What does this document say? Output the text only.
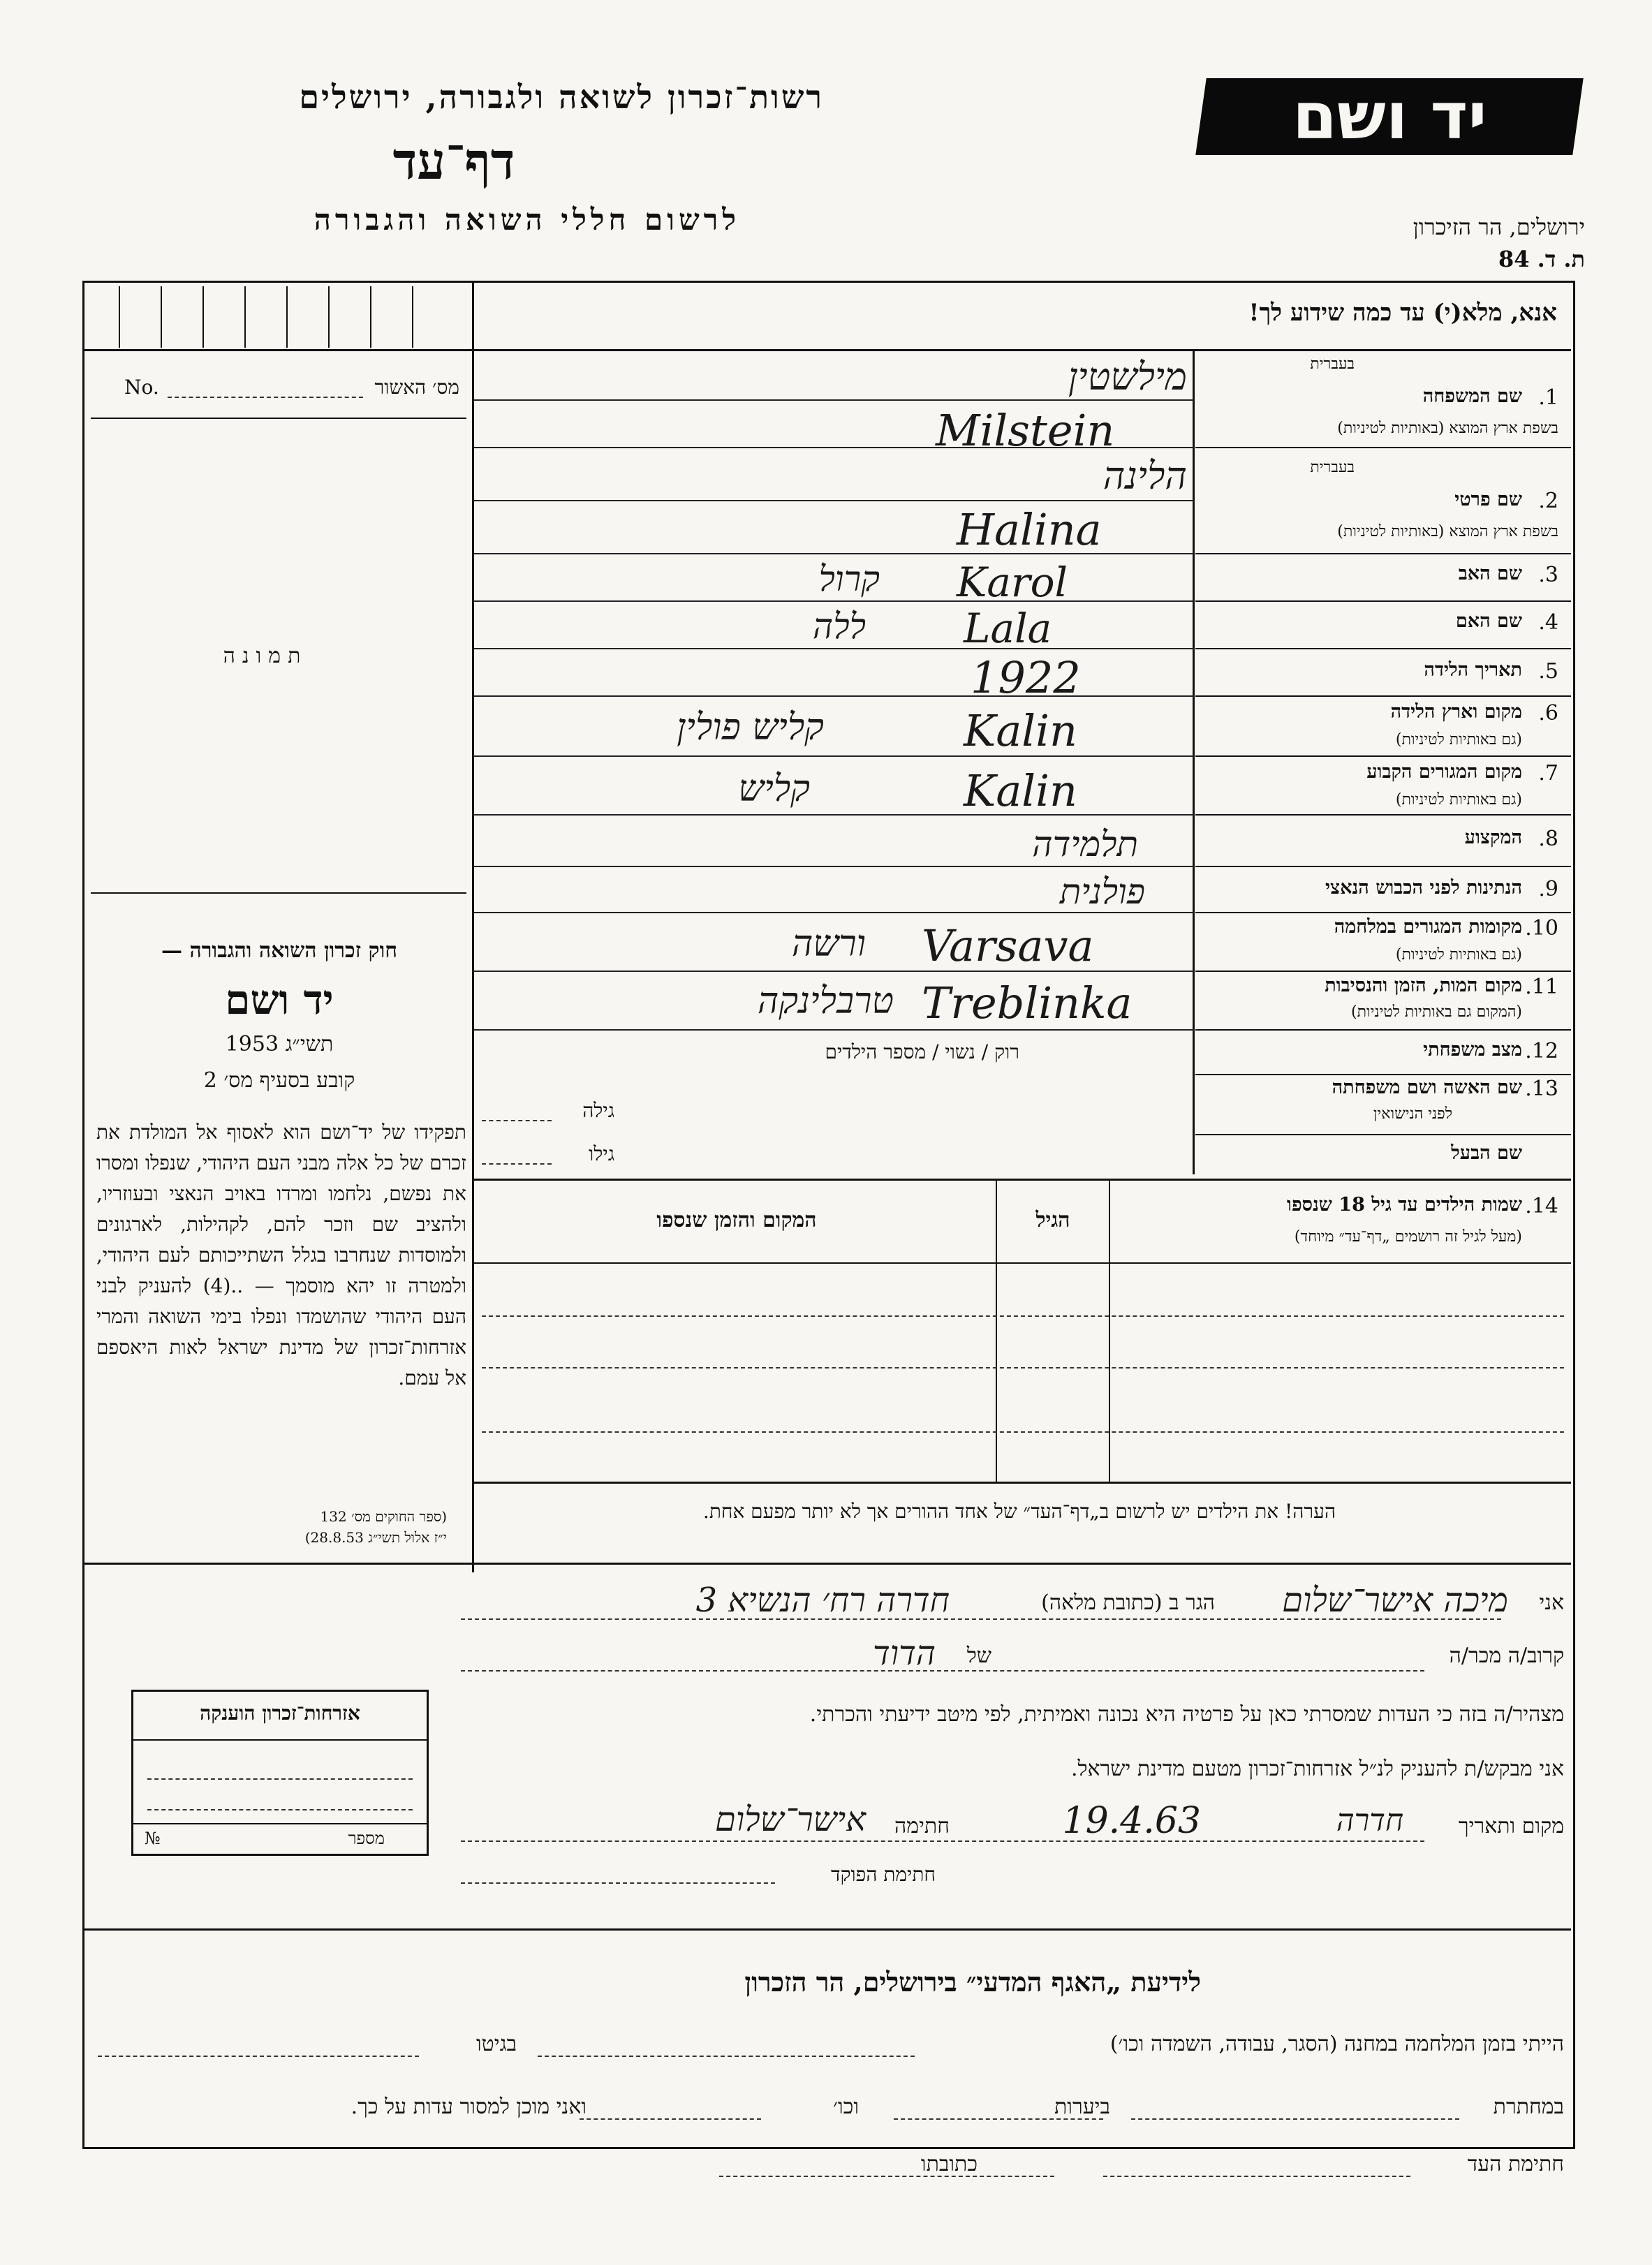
רשות־זכרון לשואה ולגבורה, ירושלים
דף־עד
לרשום חללי השואה והגבורה
יד ושם
ירושלים, הר הזיכרון
ת. ד. 84
אנא, מלא(י) עד כמה שידוע לך!
מס׳ האשור
No.
תמונה
בעברית
1.
שם המשפחה
בשפת ארץ המוצא (באותיות לטיניות)
מילשטין
Milstein
בעברית
2.
שם פרטי
בשפת ארץ המוצא (באותיות לטיניות)
הלינה
Halina
3.
שם האב
Karol
קרול
4.
שם האם
Lala
ללה
5.
תאריך הלידה
1922
6.
מקום וארץ הלידה
(גם באותיות לטיניות)
Kalin
קליש פולין
7.
מקום המגורים הקבוע
(גם באותיות לטיניות)
Kalin
קליש
8.
המקצוע
תלמידה
9.
הנתינות לפני הכבוש הנאצי
פולנית
10.
מקומות המגורים במלחמה
(גם באותיות לטיניות)
Varsava
ורשה
11.
מקום המות, הזמן והנסיבות
(המקום גם באותיות לטיניות)
Treblinka
טרבלינקה
12.
מצב משפחתי
רוק / נשוי / מספר הילדים
13.
שם האשה ושם משפחתה
לפני הנישואין
גילה
שם הבעל
גילו
14.
שמות הילדים עד גיל 18 שנספו
(מעל לגיל זה רושמים „דף־עד״ מיוחד)
הגיל
המקום והזמן שנספו
הערה! את הילדים יש לרשום ב„דף־העד״ של אחד ההורים אך לא יותר מפעם אחת.
חוק זכרון השואה והגבורה —
יד ושם
תשי״ג 1953
קובע בסעיף מס׳ 2
תפקידו של יד־ושם הוא לאסוף אל המולדת את זכרם של כל אלה מבני העם היהודי, שנפלו ומסרו את נפשם, נלחמו ומרדו באויב הנאצי ובעוזריו, ולהציב שם וזכר להם, לקהילות, לארגונים ולמוסדות שנחרבו בגלל השתייכותם לעם היהודי, ולמטרה זו יהא מוסמך — ..(4) להעניק לבני העם היהודי שהושמדו ונפלו בימי השואה והמרי אזרחות־זכרון של מדינת ישראל לאות היאספם אל עמם.
(ספר החוקים מס׳ 132
י״ז אלול תשי״ג 28.8.53)
אזרחות־זכרון הוענקה
מספר
№
אני
מיכה אישר־שלום
הגר ב (כתובת מלאה)
חדרה רח׳ הנשיא 3
קרוב/ה מכר/ה
של
הדוד
מצהיר/ה בזה כי העדות שמסרתי כאן על פרטיה היא נכונה ואמיתית, לפי מיטב ידיעתי והכרתי.
אני מבקש/ת להעניק לנ״ל אזרחות־זכרון מטעם מדינת ישראל.
מקום ותאריך
חדרה
19.4.63
חתימה
אישר־שלום
חתימת הפוקד
לידיעת „האגף המדעי״ בירושלים, הר הזכרון
הייתי בזמן המלחמה במחנה (הסגר, עבודה, השמדה וכו׳)
בגיטו
במחתרת
ביערות
וכו׳
ואני מוכן למסור עדות על כך.
חתימת העד
כתובתו
